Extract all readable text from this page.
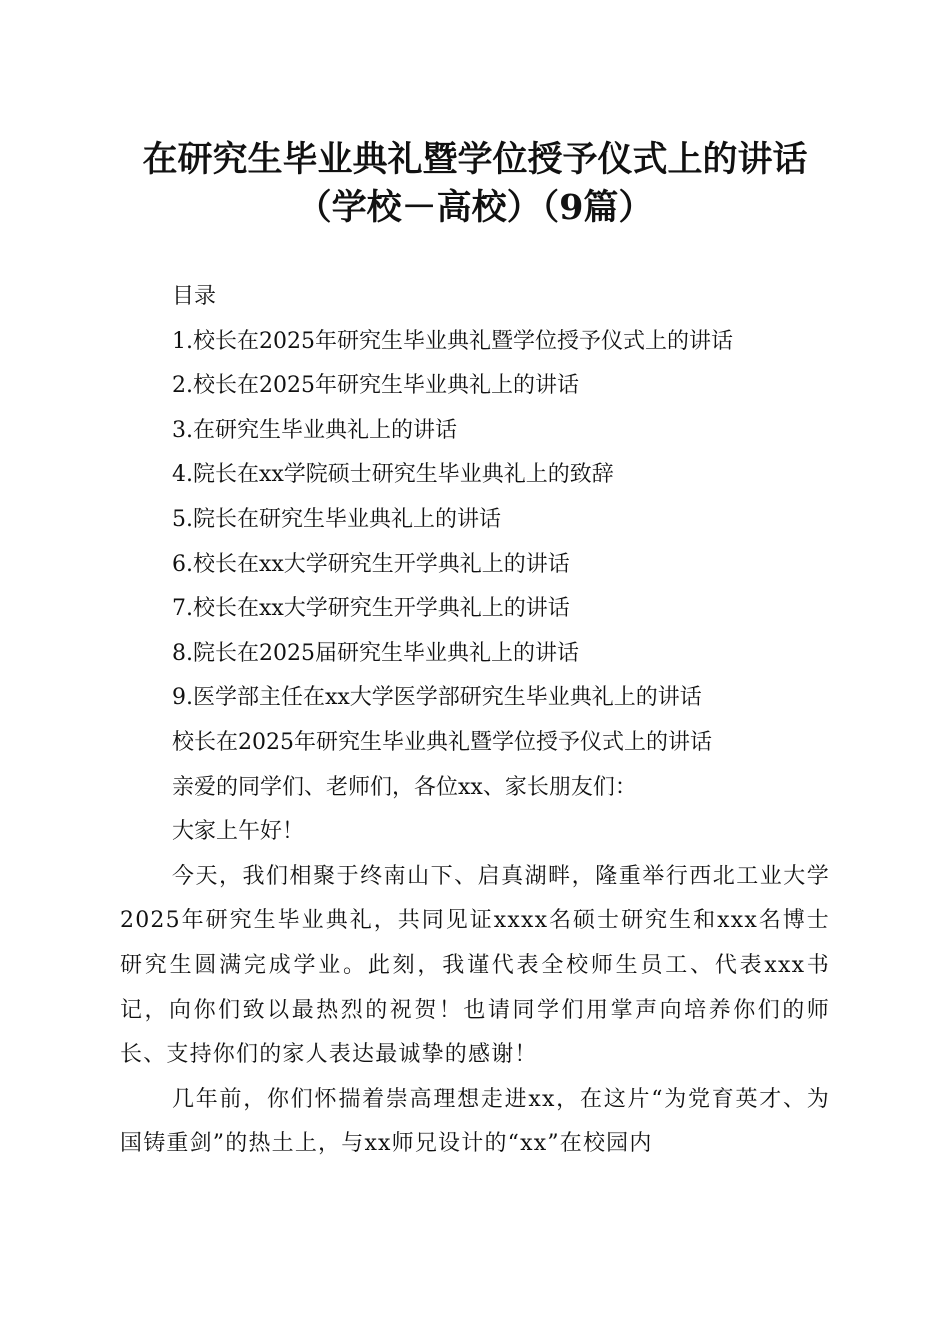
在研究生毕业典礼暨学位授予仪式上的讲话
（学校－高校）（9篇）
目录
1.校长在2025年研究生毕业典礼暨学位授予仪式上的讲话
2.校长在2025年研究生毕业典礼上的讲话
3.在研究生毕业典礼上的讲话
4.院长在xx学院硕士研究生毕业典礼上的致辞
5.院长在研究生毕业典礼上的讲话
6.校长在xx大学研究生开学典礼上的讲话
7.校长在xx大学研究生开学典礼上的讲话
8.院长在2025届研究生毕业典礼上的讲话
9.医学部主任在xx大学医学部研究生毕业典礼上的讲话
校长在2025年研究生毕业典礼暨学位授予仪式上的讲话
亲爱的同学们、老师们，各位xx、家长朋友们：
大家上午好！

今天，我们相聚于终南山下、启真湖畔，隆重举行西北工业大学2025年研究生毕业典礼，共同见证xxxx名硕士研究生和xxx名博士研究生圆满完成学业。此刻，我谨代表全校师生员工、代表xxx书记，向你们致以最热烈的祝贺！也请同学们用掌声向培养你们的师长、支持你们的家人表达最诚挚的感谢！

几年前，你们怀揣着崇高理想走进xx，在这片“为党育英才、为国铸重剑”的热土上，与xx师兄设计的“xx”在校园内
